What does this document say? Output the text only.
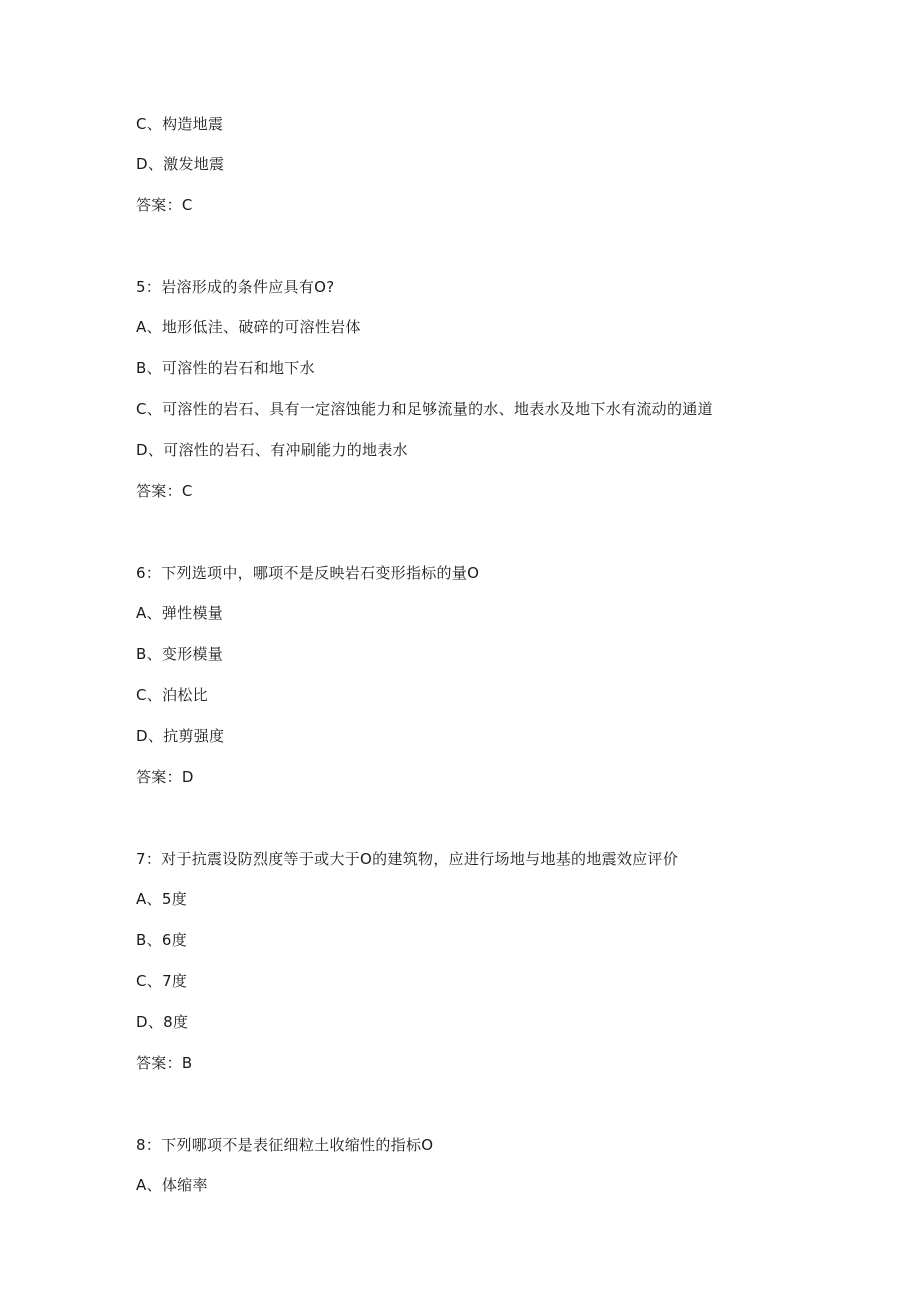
C、构造地震
D、激发地震
答案：C
5：岩溶形成的条件应具有O?
A、地形低洼、破碎的可溶性岩体
B、可溶性的岩石和地下水
C、可溶性的岩石、具有一定溶蚀能力和足够流量的水、地表水及地下水有流动的通道
D、可溶性的岩石、有冲刷能力的地表水
答案：C
6：下列选项中，哪项不是反映岩石变形指标的量O
A、弹性模量
B、变形模量
C、泊松比
D、抗剪强度
答案：D
7：对于抗震设防烈度等于或大于O的建筑物，应进行场地与地基的地震效应评价
A、5度
B、6度
C、7度
D、8度
答案：B
8：下列哪项不是表征细粒土收缩性的指标O
A、体缩率
